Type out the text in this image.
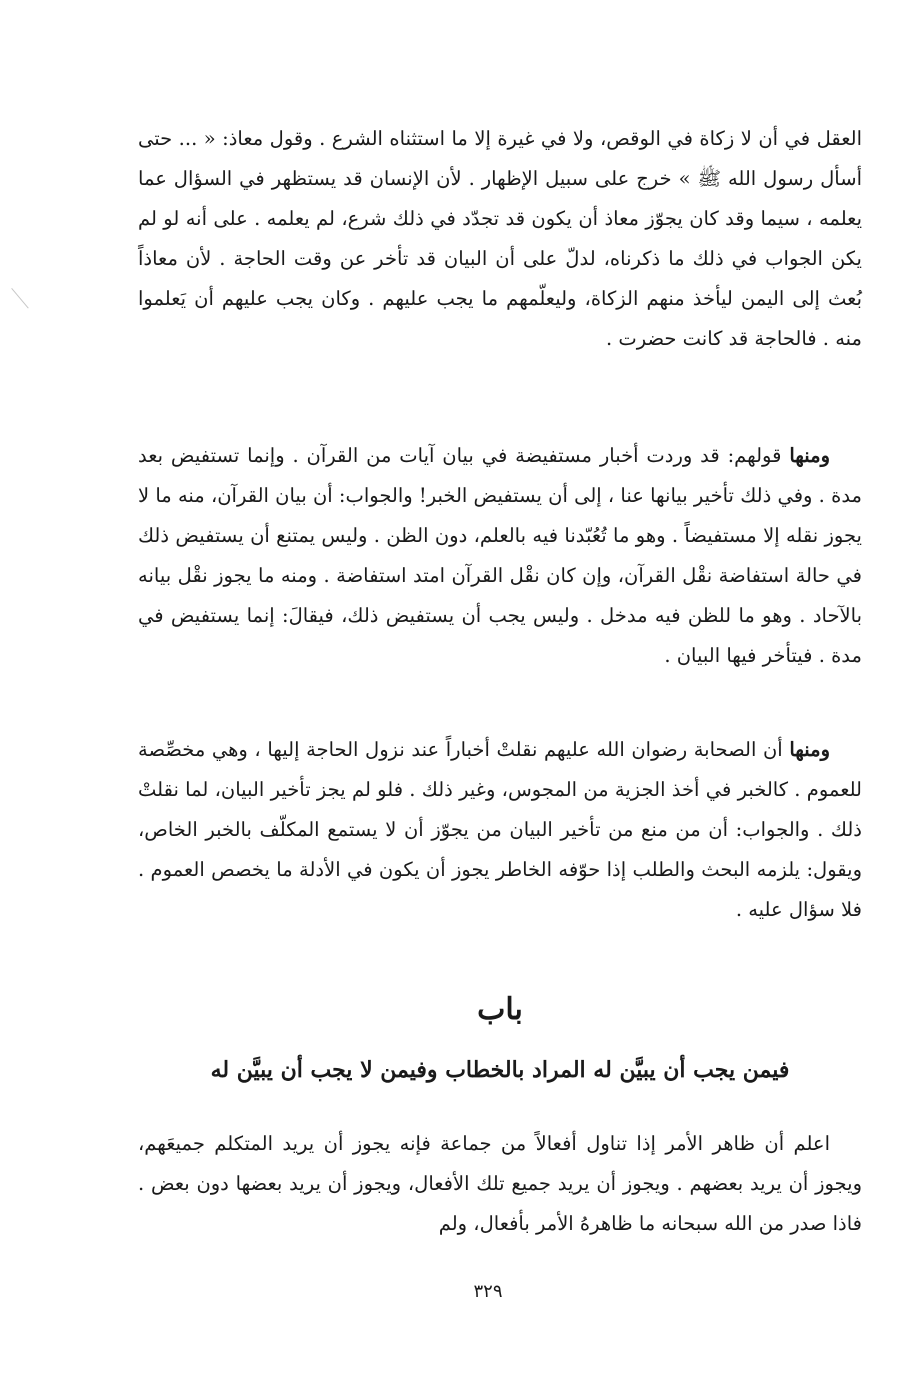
العقل في أن لا زكاة في الوقص، ولا في غيرة إلا ما استثناه الشرع . وقول معاذ: « ... حتى أسأل رسول الله ﷺ » خرج على سبيل الإظهار . لأن الإنسان قد يستظهر في السؤال عما يعلمه ، سيما وقد كان يجوّز معاذ أن يكون قد تجدّد في ذلك شرع، لم يعلمه . على أنه لو لم يكن الجواب في ذلك ما ذكرناه، لدلّ على أن البيان قد تأخر عن وقت الحاجة . لأن معاذاً بُعث إلى اليمن ليأخذ منهم الزكاة، وليعلّمهم ما يجب عليهم . وكان يجب عليهم أن يَعلموا منه . فالحاجة قد كانت حضرت .

ومنها قولهم: قد وردت أخبار مستفيضة في بيان آيات من القرآن . وإنما تستفيض بعد مدة . وفي ذلك تأخير بيانها عنا ، إلى أن يستفيض الخبر! والجواب: أن بيان القرآن، منه ما لا يجوز نقله إلا مستفيضاً . وهو ما تُعُبّدنا فيه بالعلم، دون الظن . وليس يمتنع أن يستفيض ذلك في حالة استفاضة نقْل القرآن، وإن كان نقْل القرآن امتد استفاضة . ومنه ما يجوز نقْل بيانه بالآحاد . وهو ما للظن فيه مدخل . وليس يجب أن يستفيض ذلك، فيقالَ: إنما يستفيض في مدة . فيتأخر فيها البيان .

ومنها أن الصحابة رضوان الله عليهم نقلتْ أخباراً عند نزول الحاجة إليها ، وهي مخصِّصة للعموم . كالخبر في أخذ الجزية من المجوس، وغير ذلك . فلو لم يجز تأخير البيان، لما نقلتْ ذلك . والجواب: أن من منع من تأخير البيان من يجوّز أن لا يستمع المكلّف بالخبر الخاص، ويقول: يلزمه البحث والطلب إذا حوّفه الخاطر يجوز أن يكون في الأدلة ما يخصص العموم . فلا سؤال عليه .

باب
فيمن يجب أن يبيَّن له المراد بالخطاب وفيمن لا يجب أن يبيَّن له

اعلم أن ظاهر الأمر إذا تناول أفعالاً من جماعة فإنه يجوز أن يريد المتكلم جميعَهم، ويجوز أن يريد بعضهم . ويجوز أن يريد جميع تلك الأفعال، ويجوز أن يريد بعضها دون بعض . فاذا صدر من الله سبحانه ما ظاهرهُ الأمر بأفعال، ولم

٣٢٩
